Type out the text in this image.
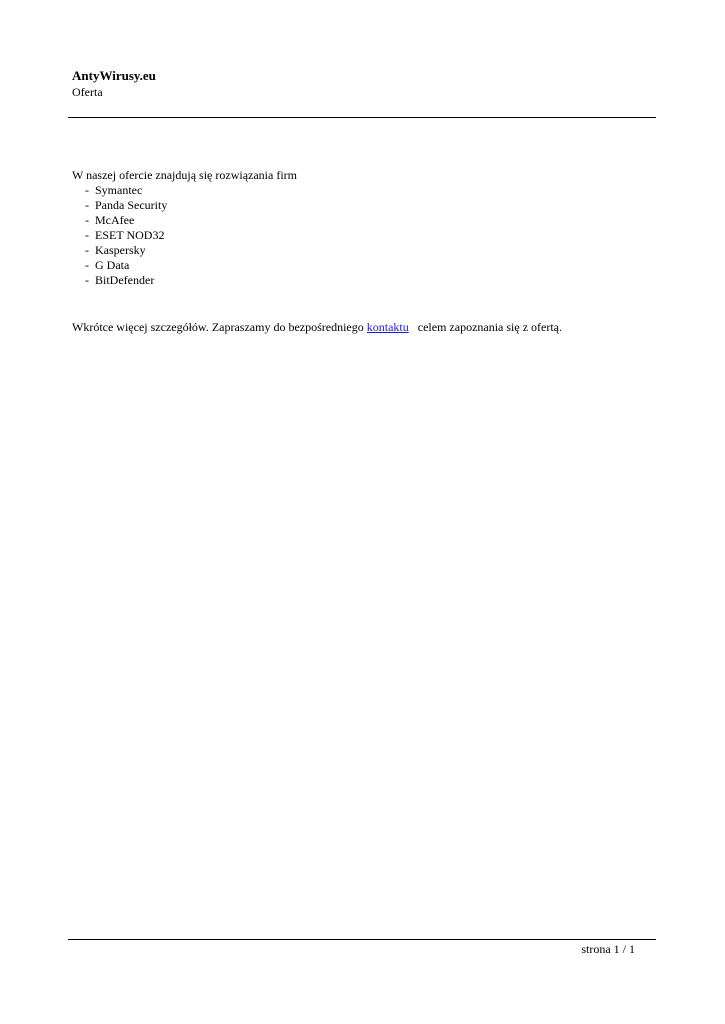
AntyWirusy.eu
Oferta

W naszej ofercie znajdują się rozwiązania firm

- Symantec
- Panda Security
- McAfee
- ESET NOD32
- Kaspersky
- G Data
- BitDefender
Wkrótce więcej szczegółów. Zapraszamy do bezpośredniego kontaktu celem zapoznania się z ofertą.
strona 1 / 1
